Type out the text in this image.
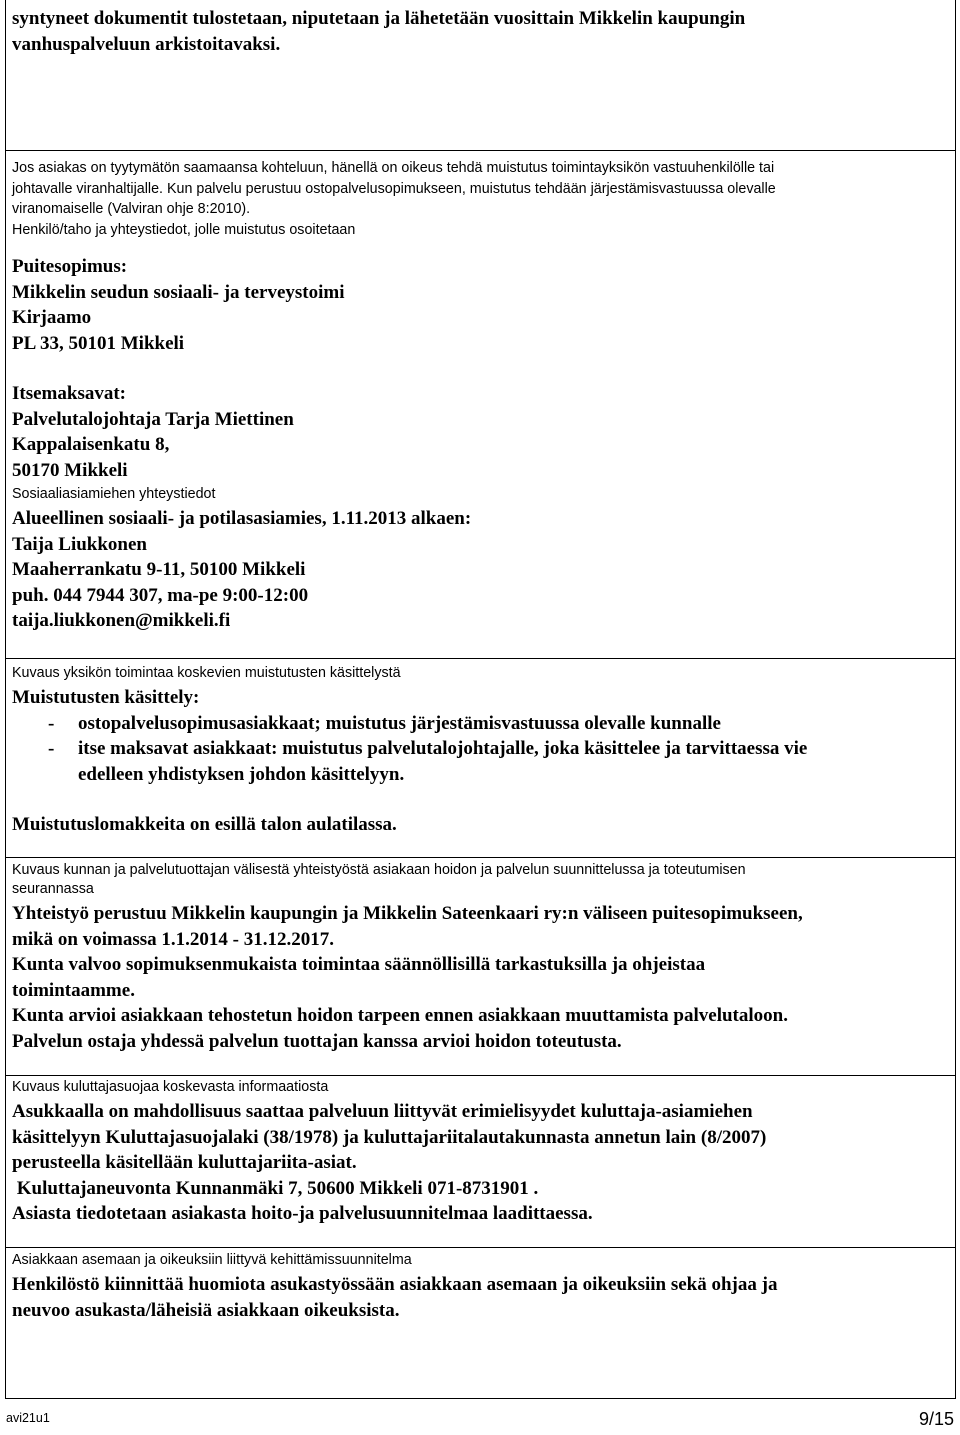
syntyneet dokumentit tulostetaan, niputetaan ja lähetetään vuosittain Mikkelin kaupungin
vanhuspalveluun arkistoitavaksi.
Jos asiakas on tyytymätön saamaansa kohteluun, hänellä on oikeus tehdä muistutus toimintayksikön vastuuhenkilölle tai
johtavalle viranhaltijalle. Kun palvelu perustuu ostopalvelusopimukseen, muistutus tehdään järjestämisvastuussa olevalle
viranomaiselle (Valviran ohje 8:2010).
Henkilö/taho ja yhteystiedot, jolle muistutus osoitetaan
Puitesopimus:
Mikkelin seudun sosiaali- ja terveystoimi
Kirjaamo
PL 33, 50101 Mikkeli
Itsemaksavat:
Palvelutalojohtaja Tarja Miettinen
Kappalaisenkatu 8,
50170 Mikkeli
Sosiaaliasiamiehen yhteystiedot
Alueellinen sosiaali- ja potilasasiamies, 1.11.2013 alkaen:
Taija Liukkonen
Maaherrankatu 9-11, 50100 Mikkeli
puh. 044 7944 307, ma-pe 9:00-12:00
taija.liukkonen@mikkeli.fi
Kuvaus yksikön toimintaa koskevien muistutusten käsittelystä
Muistutusten käsittely:
- ostopalvelusopimusasiakkaat; muistutus järjestämisvastuussa olevalle kunnalle
- itse maksavat asiakkaat: muistutus palvelutalojohtajalle, joka käsittelee ja tarvittaessa vie
edelleen yhdistyksen johdon käsittelyyn.
Muistutuslomakkeita on esillä talon aulatilassa.
Kuvaus kunnan ja palvelutuottajan välisestä yhteistyöstä asiakaan hoidon ja palvelun suunnittelussa ja toteutumisen
seurannassa
Yhteistyö perustuu Mikkelin kaupungin ja Mikkelin Sateenkaari ry:n väliseen puitesopimukseen,
mikä on voimassa 1.1.2014 - 31.12.2017.
Kunta valvoo sopimuksenmukaista toimintaa säännöllisillä tarkastuksilla ja ohjeistaa
toimintaamme.
Kunta arvioi asiakkaan tehostetun hoidon tarpeen ennen asiakkaan muuttamista palvelutaloon.
Palvelun ostaja yhdessä palvelun tuottajan kanssa arvioi hoidon toteutusta.
Kuvaus kuluttajasuojaa koskevasta informaatiosta
Asukkaalla on mahdollisuus saattaa palveluun liittyvät erimielisyydet kuluttaja-asiamiehen
käsittelyyn Kuluttajasuojalaki (38/1978) ja kuluttajariitalautakunnasta annetun lain (8/2007)
perusteella käsitellään kuluttajariita-asiat.
Kuluttajaneuvonta Kunnanmäki 7, 50600 Mikkeli 071-8731901 .
Asiasta tiedotetaan asiakasta hoito-ja palvelusuunnitelmaa laadittaessa.
Asiakkaan asemaan ja oikeuksiin liittyvä kehittämissuunnitelma
Henkilöstö kiinnittää huomiota asukastyössään asiakkaan asemaan ja oikeuksiin sekä ohjaa ja
neuvoo asukasta/läheisiä asiakkaan oikeuksista.
avi21u1	9/15
